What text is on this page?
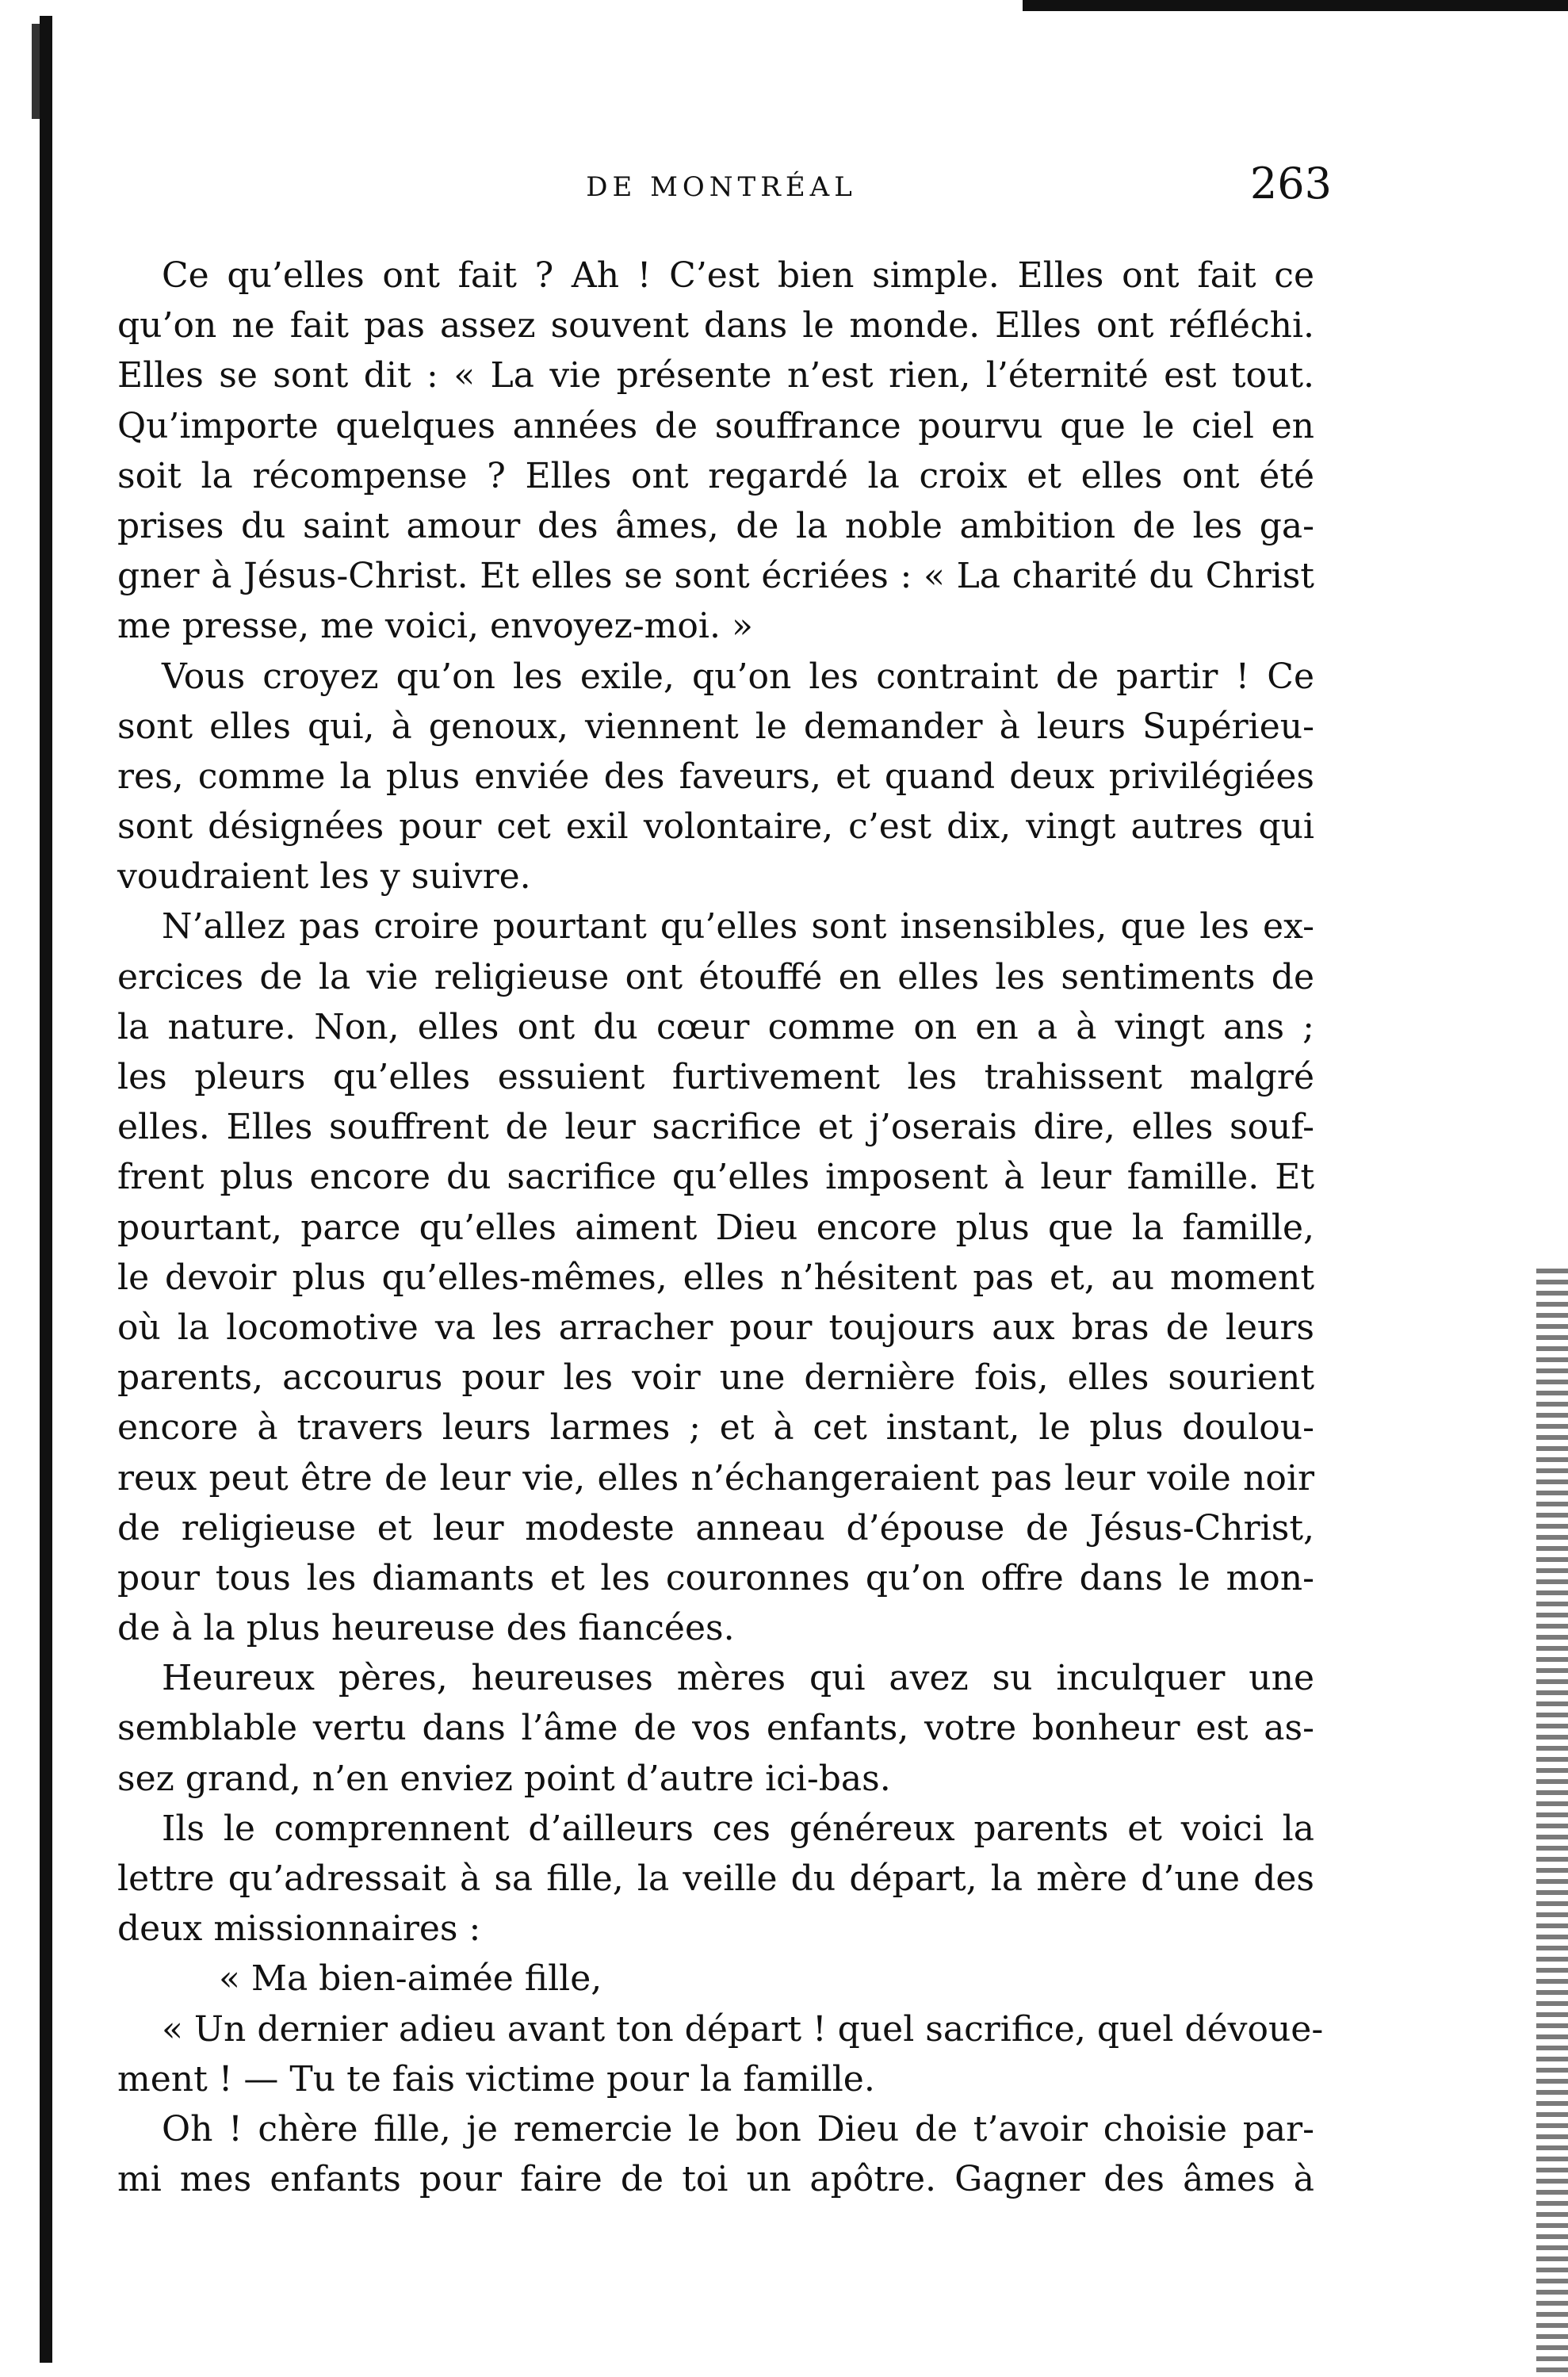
DE MONTRÉAL	263
Ce qu’elles ont fait ? Ah ! C’est bien simple. Elles ont fait ce
qu’on ne fait pas assez souvent dans le monde. Elles ont réfléchi.
Elles se sont dit : « La vie présente n’est rien, l’éternité est tout.
Qu’importe quelques années de souffrance pourvu que le ciel en
soit la récompense ? Elles ont regardé la croix et elles ont été
prises du saint amour des âmes, de la noble ambition de les ga-
gner à Jésus-Christ. Et elles se sont écriées : « La charité du Christ
me presse, me voici, envoyez-moi. »
Vous croyez qu’on les exile, qu’on les contraint de partir ! Ce
sont elles qui, à genoux, viennent le demander à leurs Supérieu-
res, comme la plus enviée des faveurs, et quand deux privilégiées
sont désignées pour cet exil volontaire, c’est dix, vingt autres qui
voudraient les y suivre.
N’allez pas croire pourtant qu’elles sont insensibles, que les ex-
ercices de la vie religieuse ont étouffé en elles les sentiments de
la nature. Non, elles ont du cœur comme on en a à vingt ans ;
les pleurs qu’elles essuient furtivement les trahissent malgré
elles. Elles souffrent de leur sacrifice et j’oserais dire, elles souf-
frent plus encore du sacrifice qu’elles imposent à leur famille. Et
pourtant, parce qu’elles aiment Dieu encore plus que la famille,
le devoir plus qu’elles-mêmes, elles n’hésitent pas et, au moment
où la locomotive va les arracher pour toujours aux bras de leurs
parents, accourus pour les voir une dernière fois, elles sourient
encore à travers leurs larmes ; et à cet instant, le plus doulou-
reux peut être de leur vie, elles n’échangeraient pas leur voile noir
de religieuse et leur modeste anneau d’épouse de Jésus-Christ,
pour tous les diamants et les couronnes qu’on offre dans le mon-
de à la plus heureuse des fiancées.
Heureux pères, heureuses mères qui avez su inculquer une
semblable vertu dans l’âme de vos enfants, votre bonheur est as-
sez grand, n’en enviez point d’autre ici-bas.
Ils le comprennent d’ailleurs ces généreux parents et voici la
lettre qu’adressait à sa fille, la veille du départ, la mère d’une des
deux missionnaires :
« Ma bien-aimée fille,
« Un dernier adieu avant ton départ ! quel sacrifice, quel dévoue-
ment ! — Tu te fais victime pour la famille.
Oh ! chère fille, je remercie le bon Dieu de t’avoir choisie par-
mi mes enfants pour faire de toi un apôtre. Gagner des âmes à
